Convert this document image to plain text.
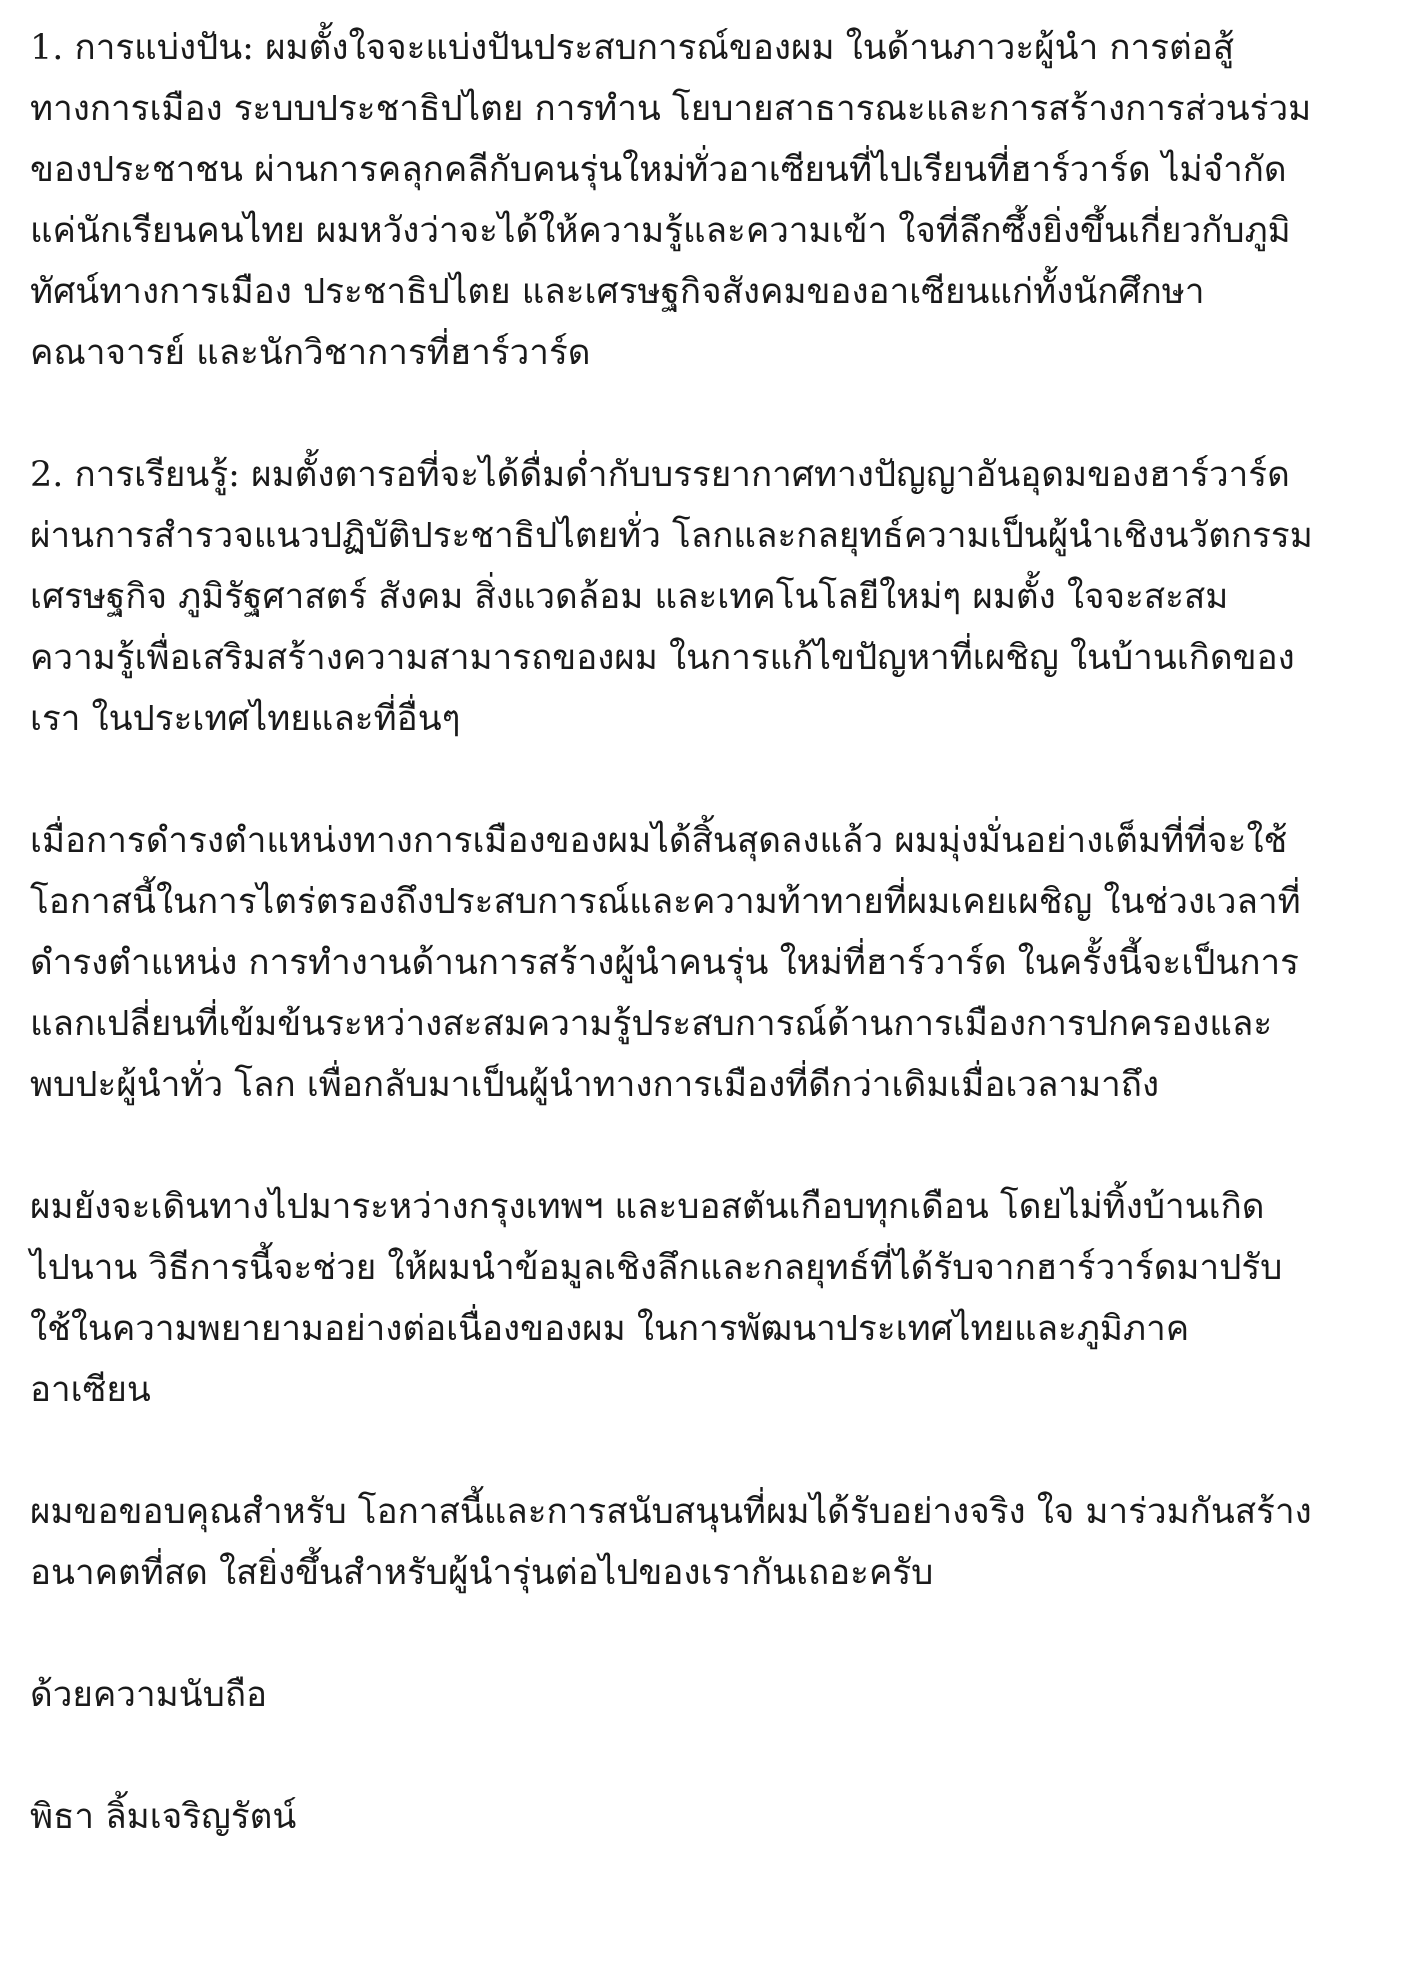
1. การแบ่งปัน: ผมตั้งใจจะแบ่งปันประสบการณ์ของผม ในด้านภาวะผู้นำ การต่อสู้
ทางการเมือง ระบบประชาธิปไตย การทำน โยบายสาธารณะและการสร้างการส่วนร่วม
ของประชาชน ผ่านการคลุกคลีกับคนรุ่นใหม่ทั่วอาเซียนที่ไปเรียนที่ฮาร์วาร์ด ไม่จำกัด
แค่นักเรียนคนไทย ผมหวังว่าจะได้ให้ความรู้และความเข้า ใจที่ลึกซึ้งยิ่งขึ้นเกี่ยวกับภูมิ
ทัศน์ทางการเมือง ประชาธิปไตย และเศรษฐกิจสังคมของอาเซียนแก่ทั้งนักศึกษา
คณาจารย์ และนักวิชาการที่ฮาร์วาร์ด

2. การเรียนรู้: ผมตั้งตารอที่จะได้ดื่มด่ำกับบรรยากาศทางปัญญาอันอุดมของฮาร์วาร์ด
ผ่านการสำรวจแนวปฏิบัติประชาธิปไตยทั่ว โลกและกลยุทธ์ความเป็นผู้นำเชิงนวัตกรรม
เศรษฐกิจ ภูมิรัฐศาสตร์ สังคม สิ่งแวดล้อม และเทคโนโลยีใหม่ๆ ผมตั้ง ใจจะสะสม
ความรู้เพื่อเสริมสร้างความสามารถของผม ในการแก้ไขปัญหาที่เผชิญ ในบ้านเกิดของ
เรา ในประเทศไทยและที่อื่นๆ

เมื่อการดำรงตำแหน่งทางการเมืองของผมได้สิ้นสุดลงแล้ว ผมมุ่งมั่นอย่างเต็มที่ที่จะใช้
โอกาสนี้ในการไตร่ตรองถึงประสบการณ์และความท้าทายที่ผมเคยเผชิญ ในช่วงเวลาที่
ดำรงตำแหน่ง การทำงานด้านการสร้างผู้นำคนรุ่น ใหม่ที่ฮาร์วาร์ด ในครั้งนี้จะเป็นการ
แลกเปลี่ยนที่เข้มข้นระหว่างสะสมความรู้ประสบการณ์ด้านการเมืองการปกครองและ
พบปะผู้นำทั่ว โลก เพื่อกลับมาเป็นผู้นำทางการเมืองที่ดีกว่าเดิมเมื่อเวลามาถึง

ผมยังจะเดินทางไปมาระหว่างกรุงเทพฯ และบอสตันเกือบทุกเดือน โดยไม่ทิ้งบ้านเกิด
ไปนาน วิธีการนี้จะช่วย ให้ผมนำข้อมูลเชิงลึกและกลยุทธ์ที่ได้รับจากฮาร์วาร์ดมาปรับ
ใช้ในความพยายามอย่างต่อเนื่องของผม ในการพัฒนาประเทศไทยและภูมิภาค
อาเซียน

ผมขอขอบคุณสำหรับ โอกาสนี้และการสนับสนุนที่ผมได้รับอย่างจริง ใจ มาร่วมกันสร้าง
อนาคตที่สด ใสยิ่งขึ้นสำหรับผู้นำรุ่นต่อไปของเรากันเถอะครับ

ด้วยความนับถือ

พิธา ลิ้มเจริญรัตน์
